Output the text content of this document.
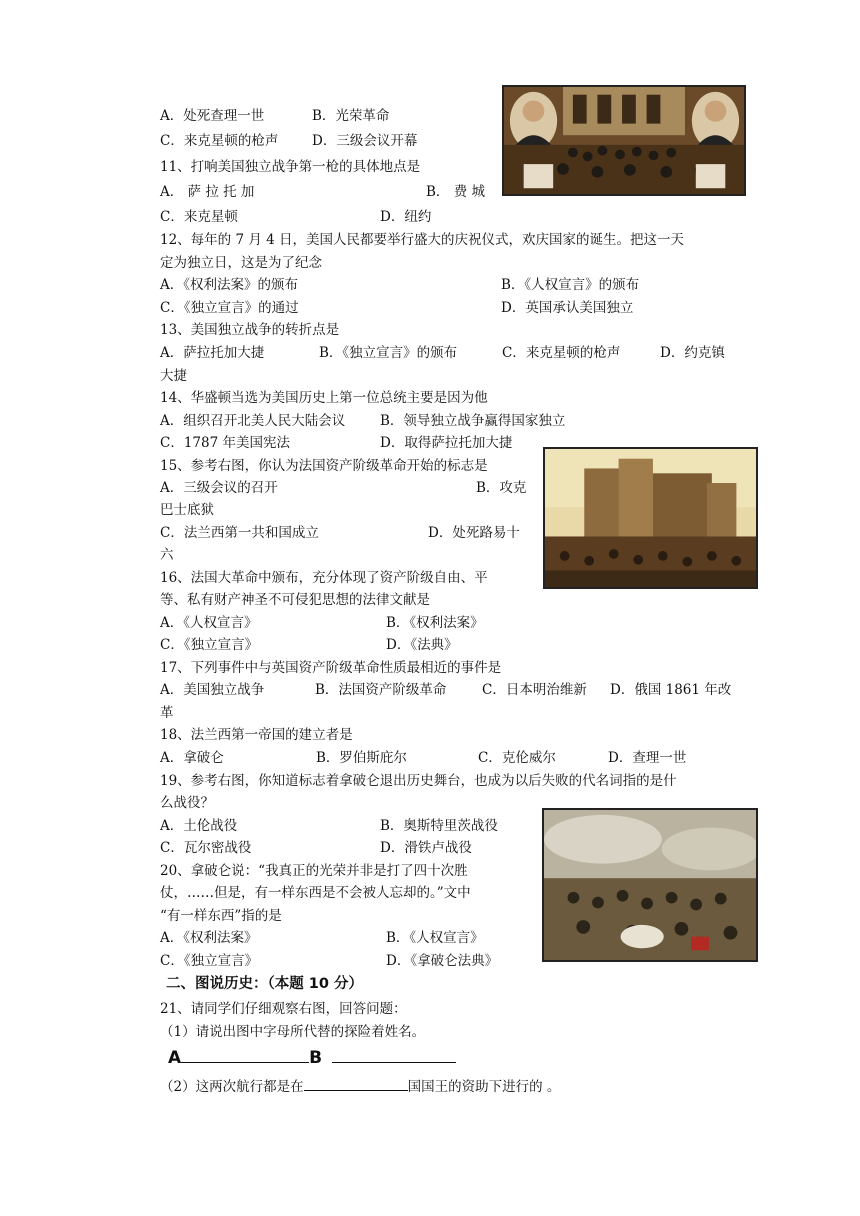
A．处死查理一世	B．光荣革命
C．来克星顿的枪声 D．三级会议开幕
11、打响美国独立战争第一枪的具体地点是
A． 萨 拉 托 加	B． 费 城
C．来克星顿	D．纽约
12、每年的 7 月 4 日，美国人民都要举行盛大的庆祝仪式，欢庆国家的诞生。把这一天
定为独立日，这是为了纪念
A．《权利法案》的颁布	B．《人权宣言》的颁布
C．《独立宣言》的通过	D．英国承认美国独立
13、美国独立战争的转折点是
A．萨拉托加大捷	B．《独立宣言》的颁布	C．来克星顿的枪声	D．约克镇
大捷
14、华盛顿当选为美国历史上第一位总统主要是因为他
A．组织召开北美人民大陆会议	B．领导独立战争赢得国家独立
C．1787 年美国宪法	D．取得萨拉托加大捷
15、参考右图，你认为法国资产阶级革命开始的标志是
A．三级会议的召开	B．攻克
巴士底狱
C．法兰西第一共和国成立	D．处死路易十
六
16、法国大革命中颁布，充分体现了资产阶级自由、平
等、私有财产神圣不可侵犯思想的法律文献是
A．《人权宣言》	B．《权利法案》
C．《独立宣言》	D．《法典》
17、下列事件中与英国资产阶级革命性质最相近的事件是
A．美国独立战争	B．法国资产阶级革命	C．日本明治维新 D．俄国 1861 年改
革
18、法兰西第一帝国的建立者是
A．拿破仑	B．罗伯斯庇尔	C．克伦威尔	D．查理一世
19、参考右图，你知道标志着拿破仑退出历史舞台，也成为以后失败的代名词指的是什
么战役？
A．土伦战役	B．奥斯特里茨战役
C．瓦尔密战役	D．滑铁卢战役
20、拿破仑说：“我真正的光荣并非是打了四十次胜
仗，……但是，有一样东西是不会被人忘却的。”文中
“有一样东西”指的是
A．《权利法案》	B．《人权宣言》
C．《独立宣言》	D．《拿破仑法典》
二、图说历史：（本题 10 分）
21、请同学们仔细观察右图，回答问题：
（1）请说出图中字母所代替的探险着姓名。
A	B
（2）这两次航行都是在	国国王的资助下进行的 。
